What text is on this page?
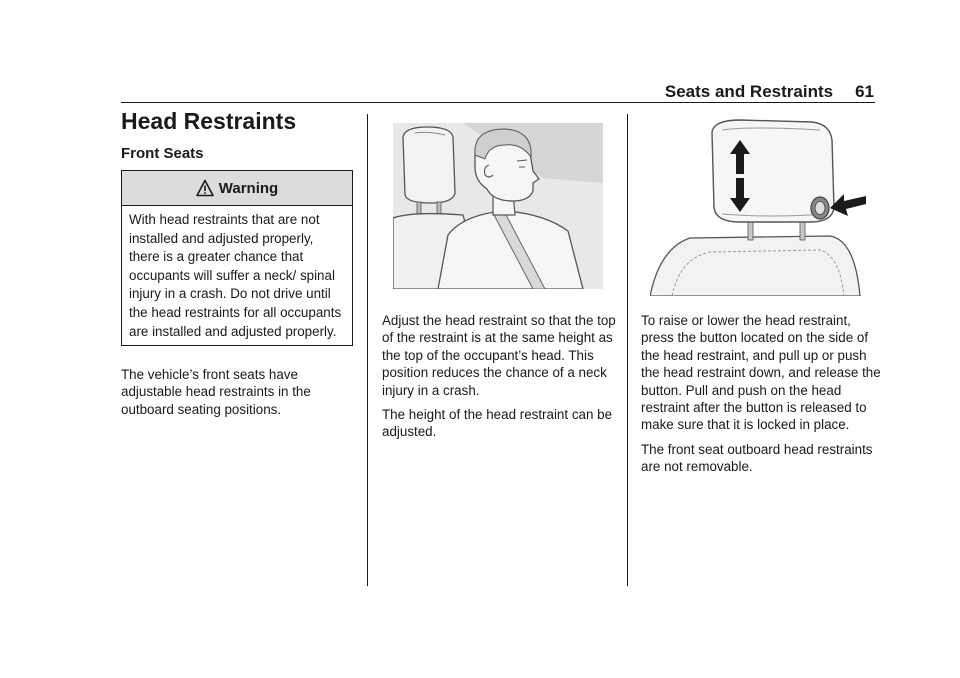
Seats and Restraints 61
Head Restraints
Front Seats
Warning
With head restraints that are not installed and adjusted properly, there is a greater chance that occupants will suffer a neck/ spinal injury in a crash. Do not drive until the head restraints for all occupants are installed and adjusted properly.

The vehicle’s front seats have adjustable head restraints in the outboard seating positions.

Adjust the head restraint so that the top of the restraint is at the same height as the top of the occupant’s head. This position reduces the chance of a neck injury in a crash.

The height of the head restraint can be adjusted.

To raise or lower the head restraint, press the button located on the side of the head restraint, and pull up or push the head restraint down, and release the button. Pull and push on the head restraint after the button is released to make sure that it is locked in place.

The front seat outboard head restraints are not removable.
